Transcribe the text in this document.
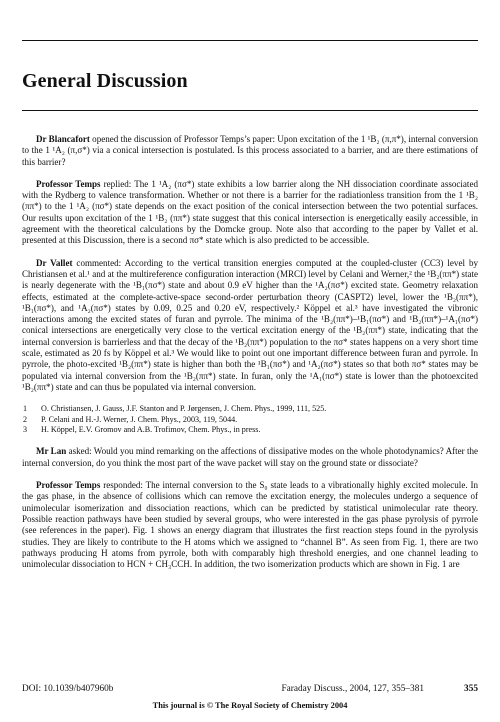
General Discussion

Dr Blancafort opened the discussion of Professor Temps’s paper: Upon excitation of the 1 ¹B₂ (π,π*), internal conversion to the 1 ¹A₂ (π,σ*) via a conical intersection is postulated. Is this process associated to a barrier, and are there estimations of this barrier?

Professor Temps replied: The 1 ¹A₂ (πσ*) state exhibits a low barrier along the NH dissociation coordinate associated with the Rydberg to valence transformation. Whether or not there is a barrier for the radiationless transition from the 1 ¹B₂ (ππ*) to the 1 ¹A₂ (πσ*) state depends on the exact position of the conical intersection between the two potential surfaces. Our results upon excitation of the 1 ¹B₂ (ππ*) state suggest that this conical intersection is energetically easily accessible, in agreement with the theoretical calculations by the Domcke group. Note also that according to the paper by Vallet et al. presented at this Discussion, there is a second πσ* state which is also predicted to be accessible.

Dr Vallet commented: According to the vertical transition energies computed at the coupled-cluster (CC3) level by Christiansen et al.¹ and at the multireference configuration interaction (MRCI) level by Celani and Werner,² the ¹B₂(ππ*) state is nearly degenerate with the ¹B₁(πσ*) state and about 0.9 eV higher than the ¹A₂(πσ*) excited state. Geometry relaxation effects, estimated at the complete-active-space second-order perturbation theory (CASPT2) level, lower the ¹B₂(ππ*), ¹B₁(πσ*), and ¹A₂(πσ*) states by 0.09, 0.25 and 0.20 eV, respectively.² Köppel et al.³ have investigated the vibronic interactions among the excited states of furan and pyrrole. The minima of the ¹B₂(ππ*)–¹B₁(πσ*) and ¹B₂(ππ*)–¹A₁(πσ*) conical intersections are energetically very close to the vertical excitation energy of the ¹B₂(ππ*) state, indicating that the internal conversion is barrierless and that the decay of the ¹B₂(ππ*) population to the πσ* states happens on a very short time scale, estimated as 20 fs by Köppel et al.³ We would like to point out one important difference between furan and pyrrole. In pyrrole, the photo-excited ¹B₂(ππ*) state is higher than both the ¹B₁(πσ*) and ¹A₂(πσ*) states so that both πσ* states may be populated via internal conversion from the ¹B₂(ππ*) state. In furan, only the ¹A₁(πσ*) state is lower than the photoexcited ¹B₂(ππ*) state and can thus be populated via internal conversion.

1	O. Christiansen, J. Gauss, J.F. Stanton and P. Jørgensen, J. Chem. Phys., 1999, 111, 525.
2	P. Celani and H.-J. Werner, J. Chem. Phys., 2003, 119, 5044.
3	H. Köppel, E.V. Gromov and A.B. Trofimov, Chem. Phys., in press.

Mr Lan asked: Would you mind remarking on the affections of dissipative modes on the whole photodynamics? After the internal conversion, do you think the most part of the wave packet will stay on the ground state or dissociate?

Professor Temps responded: The internal conversion to the S₀ state leads to a vibrationally highly excited molecule. In the gas phase, in the absence of collisions which can remove the excitation energy, the molecules undergo a sequence of unimolecular isomerization and dissociation reactions, which can be predicted by statistical unimolecular rate theory. Possible reaction pathways have been studied by several groups, who were interested in the gas phase pyrolysis of pyrrole (see references in the paper). Fig. 1 shows an energy diagram that illustrates the first reaction steps found in the pyrolysis studies. They are likely to contribute to the H atoms which we assigned to “channel B”. As seen from Fig. 1, there are two pathways producing H atoms from pyrrole, both with comparably high threshold energies, and one channel leading to unimolecular dissociation to HCN + CH₃CCH. In addition, the two isomerization products which are shown in Fig. 1 are

DOI: 10.1039/b407960b	Faraday Discuss., 2004, 127, 355–381	355
This journal is © The Royal Society of Chemistry 2004
